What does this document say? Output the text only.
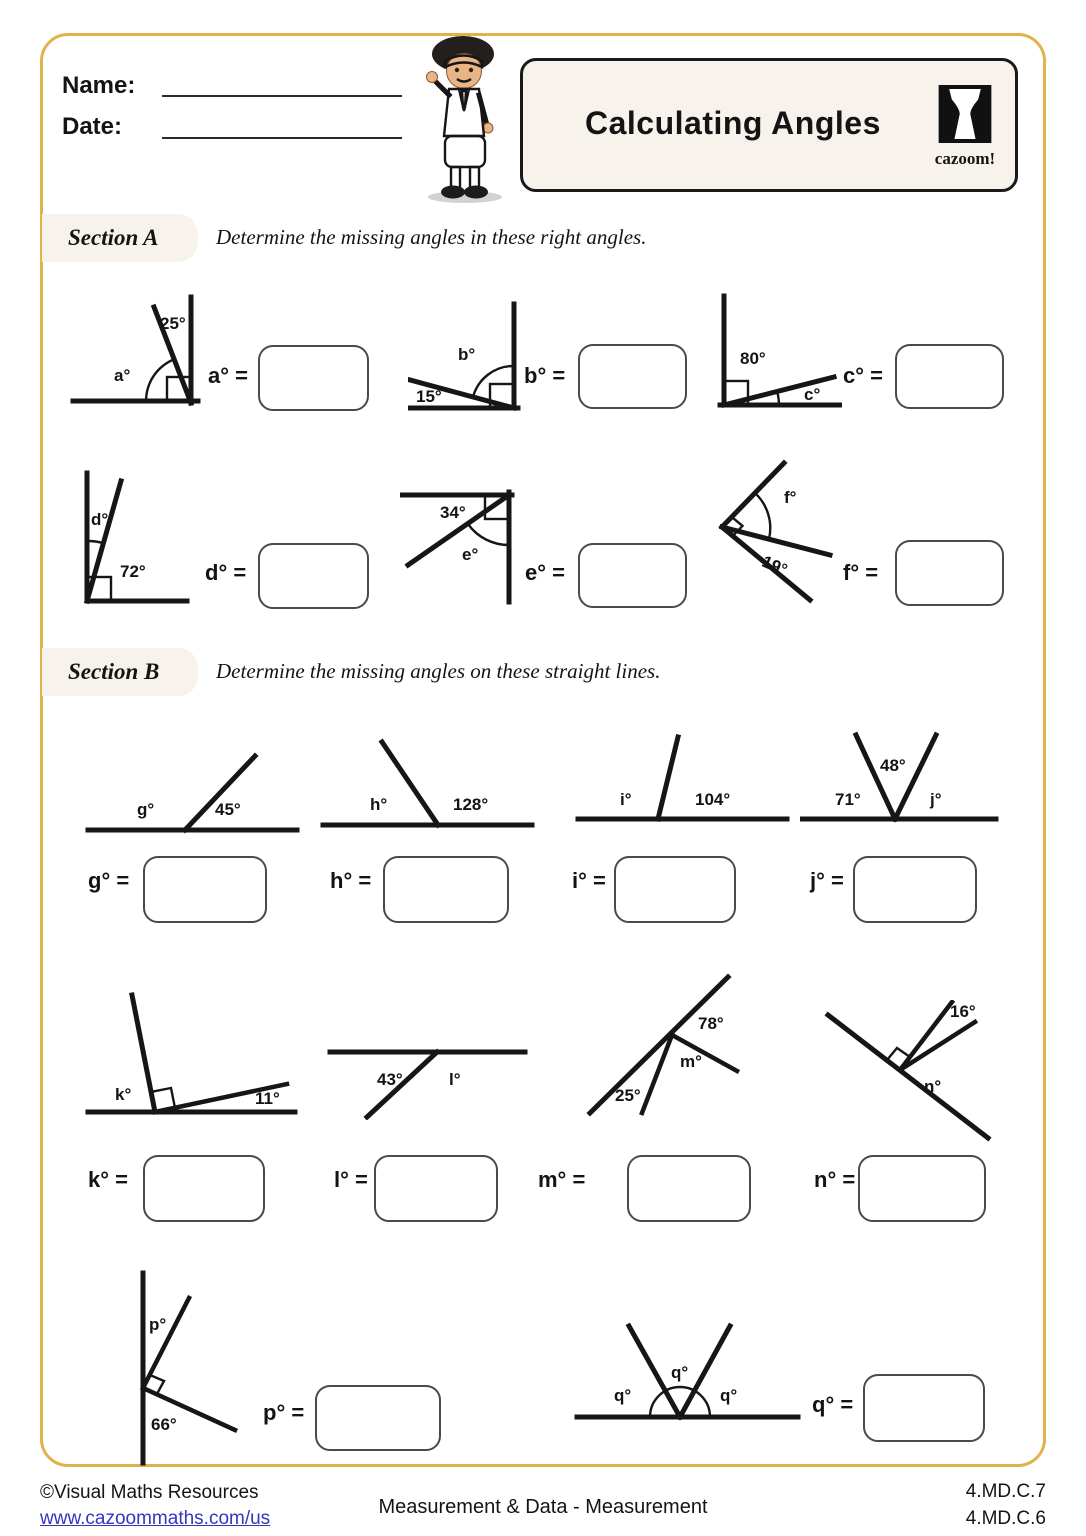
Name:
Date:	Calculating Angles
cazoom!
Section A	Determine the missing angles in these right angles.
25°
a°	a° =
b°
15°
b° =
80°
c°
c° =
d°
72°	d° =
34°
e°
e° =
f°
19° f° =
Section B	Determine the missing angles on these straight lines.
g°	45°	h°	128°	i°	104°	71°
48°
j°
g° =	h° =	i° =	j° =
k°	11°
43°	l°
78°
m°
25°
16°
n°
k° =	l° =	m° =	n° =
p°
66°	p° =
q°
q°
q°	q° =
©Visual Maths Resources
www.cazoommaths.com/us
Measurement & Data - Measurement
4.MD.C.7
4.MD.C.6
